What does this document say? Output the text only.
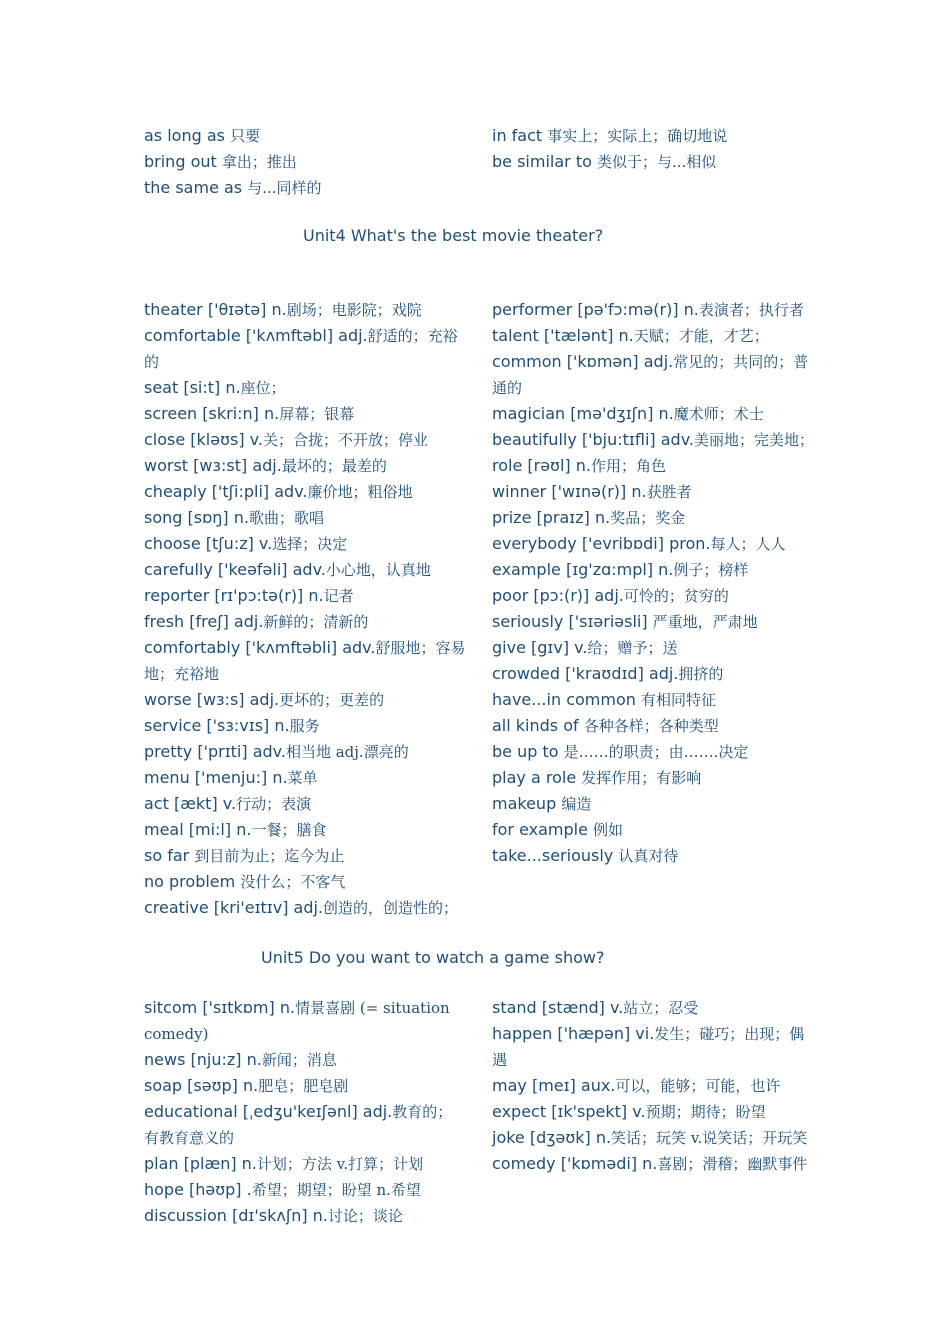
as long as 只要

bring out 拿出；推出

the same as 与...同样的

in fact 事实上；实际上；确切地说

be similar to 类似于；与...相似

Unit4 What's the best movie theater?

theater ['θɪətə] n.剧场；电影院；戏院

comfortable ['kʌmftəbl] adj.舒适的；充裕的

seat [si:t] n.座位；

screen [skri:n] n.屏幕；银幕

close [kləʊs] v.关；合拢；不开放；停业

worst [wɜ:st] adj.最坏的；最差的

cheaply ['tʃi:pli] adv.廉价地；粗俗地

song [sɒŋ] n.歌曲；歌唱

choose [tʃu:z] v.选择；决定

carefully ['keəfəli] adv.小心地，认真地

reporter [rɪ'pɔ:tə(r)] n.记者

fresh [freʃ] adj.新鲜的；清新的

comfortably ['kʌmftəbli] adv.舒服地；容易地；充裕地

worse [wɜ:s] adj.更坏的；更差的

service ['sɜ:vɪs] n.服务

pretty ['prɪti] adv.相当地 adj.漂亮的

menu ['menju:] n.菜单

act [ækt] v.行动；表演

meal [mi:l] n.一餐；膳食

so far 到目前为止；迄今为止

no problem 没什么；不客气

creative [kri'eɪtɪv] adj.创造的，创造性的；

performer [pə'fɔ:mə(r)] n.表演者；执行者

talent ['tælənt] n.天赋；才能，才艺；

common ['kɒmən] adj.常见的；共同的；普通的

magician [mə'dʒɪʃn] n.魔术师；术士

beautifully ['bju:tɪfli] adv.美丽地；完美地；

role [rəʊl] n.作用；角色

winner ['wɪnə(r)] n.获胜者

prize [praɪz] n.奖品；奖金

everybody ['evribɒdi] pron.每人；人人

example [ɪg'zɑ:mpl] n.例子；榜样

poor [pɔ:(r)] adj.可怜的；贫穷的

seriously ['sɪəriəsli] 严重地，严肃地

give [gɪv] v.给；赠予；送

crowded ['kraʊdɪd] adj.拥挤的

have...in common 有相同特征

all kinds of 各种各样；各种类型

be up to 是……的职责；由…….决定

play a role 发挥作用；有影响

makeup 编造

for example 例如

take...seriously 认真对待

Unit5 Do you want to watch a game show?

sitcom ['sɪtkɒm] n.情景喜剧 (= situation comedy)

news [nju:z] n.新闻；消息

soap [səʊp] n.肥皂；肥皂剧

educational [ˌedʒu'keɪʃənl] adj.教育的；有教育意义的

plan [plæn] n.计划；方法 v.打算；计划

hope [həʊp] .希望；期望；盼望 n.希望

discussion [dɪ'skʌʃn] n.讨论；谈论

stand [stænd] v.站立；忍受

happen ['hæpən] vi.发生；碰巧；出现；偶遇

may [meɪ] aux.可以，能够；可能，也许

expect [ɪk'spekt] v.预期；期待；盼望

joke [dʒəʊk] n.笑话；玩笑 v.说笑话；开玩笑

comedy ['kɒmədi] n.喜剧；滑稽；幽默事件
